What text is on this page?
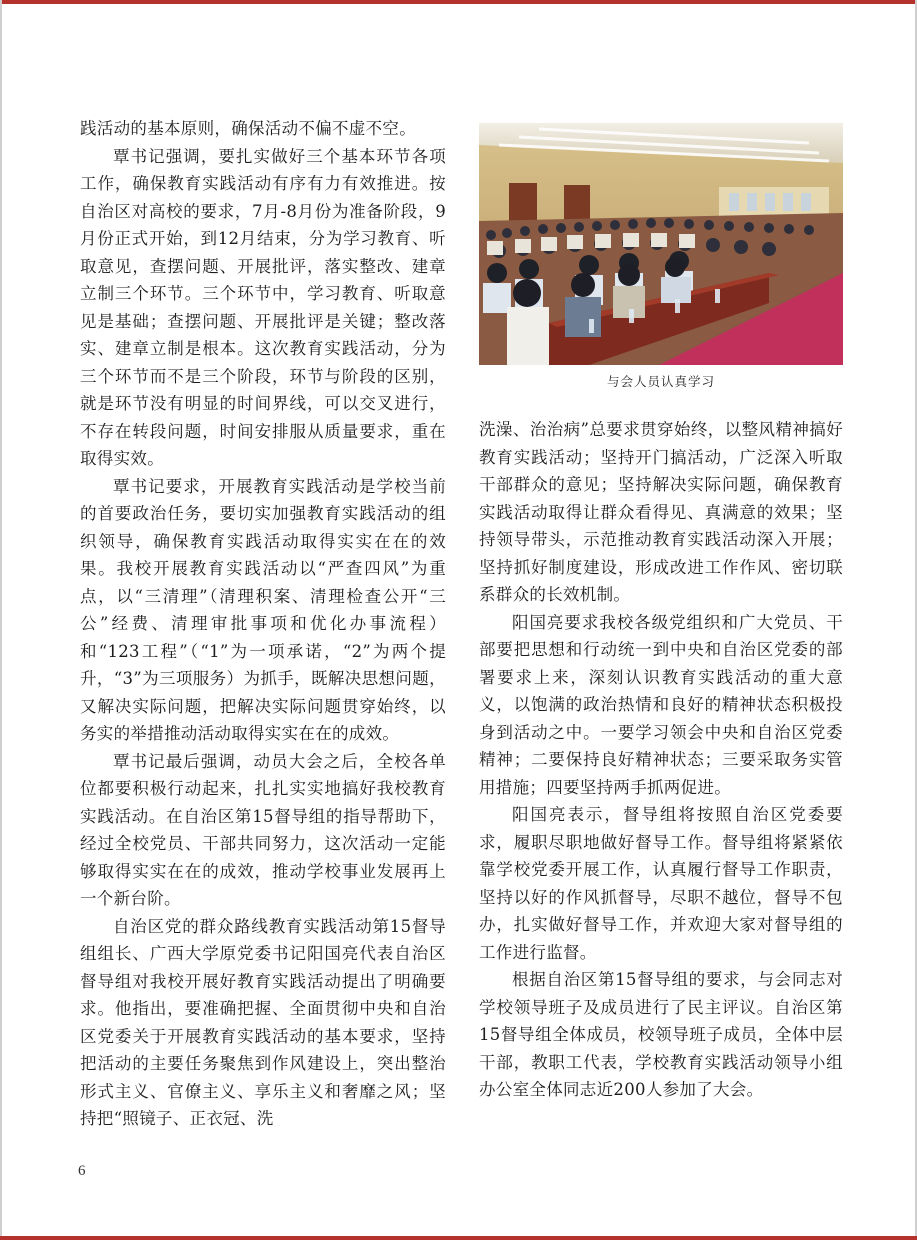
践活动的基本原则，确保活动不偏不虚不空。

覃书记强调，要扎实做好三个基本环节各项工作，确保教育实践活动有序有力有效推进。按自治区对高校的要求，7月-8月份为准备阶段，9月份正式开始，到12月结束，分为学习教育、听取意见，查摆问题、开展批评，落实整改、建章立制三个环节。三个环节中，学习教育、听取意见是基础；查摆问题、开展批评是关键；整改落实、建章立制是根本。这次教育实践活动，分为三个环节而不是三个阶段，环节与阶段的区别，就是环节没有明显的时间界线，可以交叉进行，不存在转段问题，时间安排服从质量要求，重在取得实效。

覃书记要求，开展教育实践活动是学校当前的首要政治任务，要切实加强教育实践活动的组织领导，确保教育实践活动取得实实在在的效果。我校开展教育实践活动以“严查四风”为重点，以“三清理”（清理积案、清理检查公开“三公”经费、清理审批事项和优化办事流程）和“123工程”（“1”为一项承诺，“2”为两个提升，“3”为三项服务）为抓手，既解决思想问题，又解决实际问题，把解决实际问题贯穿始终，以务实的举措推动活动取得实实在在的成效。

覃书记最后强调，动员大会之后，全校各单位都要积极行动起来，扎扎实实地搞好我校教育实践活动。在自治区第15督导组的指导帮助下，经过全校党员、干部共同努力，这次活动一定能够取得实实在在的成效，推动学校事业发展再上一个新台阶。

自治区党的群众路线教育实践活动第15督导组组长、广西大学原党委书记阳国亮代表自治区督导组对我校开展好教育实践活动提出了明确要求。他指出，要准确把握、全面贯彻中央和自治区党委关于开展教育实践活动的基本要求，坚持把活动的主要任务聚焦到作风建设上，突出整治形式主义、官僚主义、享乐主义和奢靡之风；坚持把“照镜子、正衣冠、洗

与会人员认真学习

洗澡、治治病”总要求贯穿始终，以整风精神搞好教育实践活动；坚持开门搞活动，广泛深入听取干部群众的意见；坚持解决实际问题，确保教育实践活动取得让群众看得见、真满意的效果；坚持领导带头，示范推动教育实践活动深入开展；坚持抓好制度建设，形成改进工作作风、密切联系群众的长效机制。

阳国亮要求我校各级党组织和广大党员、干部要把思想和行动统一到中央和自治区党委的部署要求上来，深刻认识教育实践活动的重大意义，以饱满的政治热情和良好的精神状态积极投身到活动之中。一要学习领会中央和自治区党委精神；二要保持良好精神状态；三要采取务实管用措施；四要坚持两手抓两促进。

阳国亮表示，督导组将按照自治区党委要求，履职尽职地做好督导工作。督导组将紧紧依靠学校党委开展工作，认真履行督导工作职责，坚持以好的作风抓督导，尽职不越位，督导不包办，扎实做好督导工作，并欢迎大家对督导组的工作进行监督。

根据自治区第15督导组的要求，与会同志对学校领导班子及成员进行了民主评议。自治区第15督导组全体成员，校领导班子成员，全体中层干部，教职工代表，学校教育实践活动领导小组办公室全体同志近200人参加了大会。

6
